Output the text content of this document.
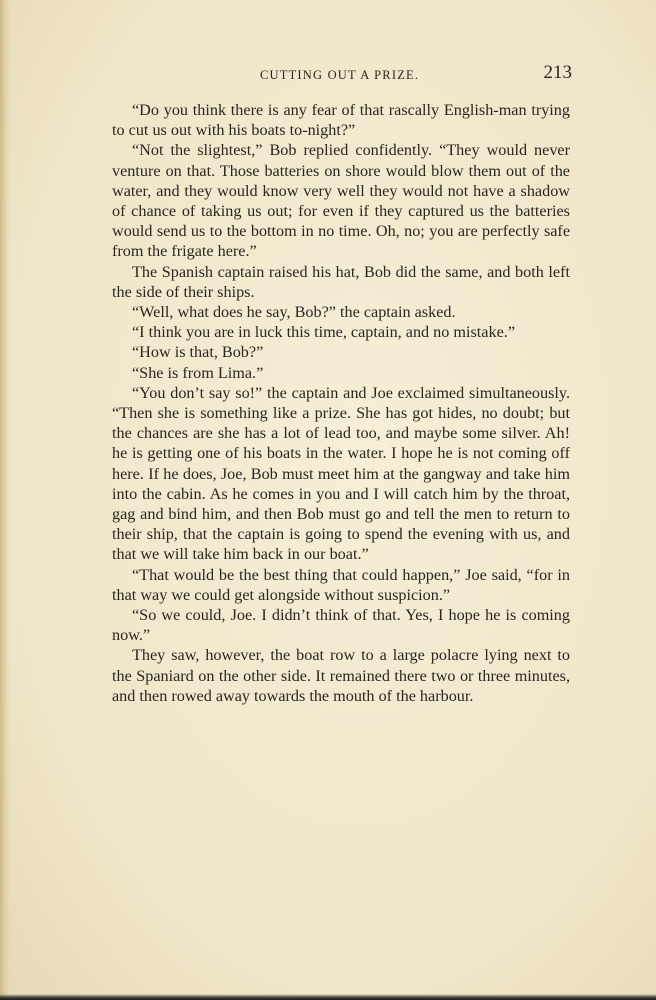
CUTTING OUT A PRIZE.	213

“Do you think there is any fear of that rascally English-man trying to cut us out with his boats to-night?”

“Not the slightest,” Bob replied confidently. “They would never venture on that. Those batteries on shore would blow them out of the water, and they would know very well they would not have a shadow of chance of taking us out; for even if they captured us the batteries would send us to the bottom in no time. Oh, no; you are perfectly safe from the frigate here.”

The Spanish captain raised his hat, Bob did the same, and both left the side of their ships.

“Well, what does he say, Bob?” the captain asked.

“I think you are in luck this time, captain, and no mistake.”

“How is that, Bob?”

“She is from Lima.”

“You don’t say so!” the captain and Joe exclaimed simultaneously. “Then she is something like a prize. She has got hides, no doubt; but the chances are she has a lot of lead too, and maybe some silver. Ah! he is getting one of his boats in the water. I hope he is not coming off here. If he does, Joe, Bob must meet him at the gangway and take him into the cabin. As he comes in you and I will catch him by the throat, gag and bind him, and then Bob must go and tell the men to return to their ship, that the captain is going to spend the evening with us, and that we will take him back in our boat.”

“That would be the best thing that could happen,” Joe said, “for in that way we could get alongside without suspicion.”

“So we could, Joe. I didn’t think of that. Yes, I hope he is coming now.”

They saw, however, the boat row to a large polacre lying next to the Spaniard on the other side. It remained there two or three minutes, and then rowed away towards the mouth of the harbour.
